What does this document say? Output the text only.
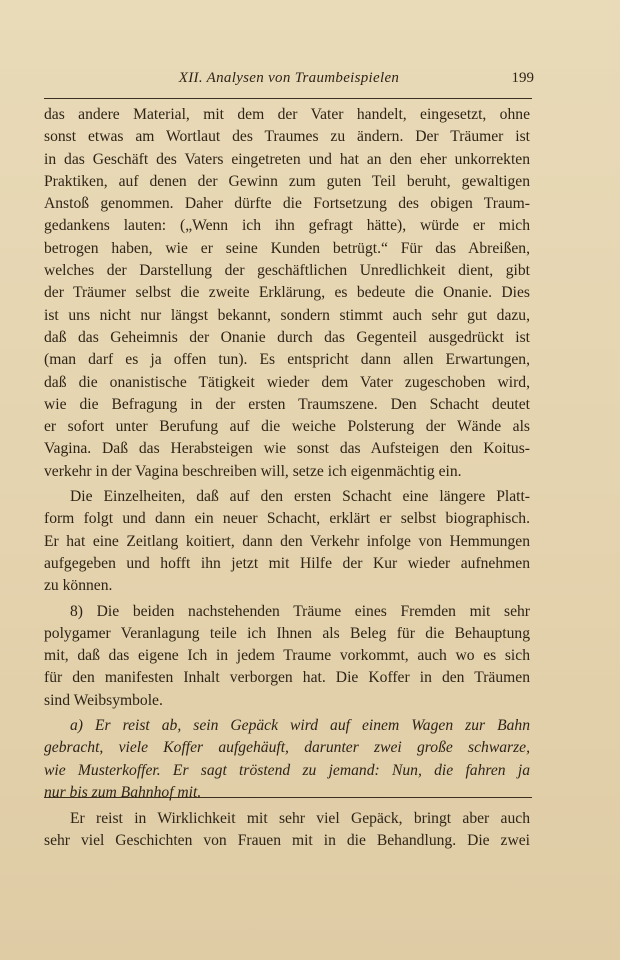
XII. Analysen von Traumbeispielen	199
das andere Material, mit dem der Vater handelt, eingesetzt, ohne
sonst etwas am Wortlaut des Traumes zu ändern. Der Träumer ist
in das Geschäft des Vaters eingetreten und hat an den eher unkorrekten
Praktiken, auf denen der Gewinn zum guten Teil beruht, gewaltigen
Anstoß genommen. Daher dürfte die Fortsetzung des obigen Traum-
gedankens lauten: („Wenn ich ihn gefragt hätte), würde er mich
betrogen haben, wie er seine Kunden betrügt.“ Für das Abreißen,
welches der Darstellung der geschäftlichen Unredlichkeit dient, gibt
der Träumer selbst die zweite Erklärung, es bedeute die Onanie. Dies
ist uns nicht nur längst bekannt, sondern stimmt auch sehr gut dazu,
daß das Geheimnis der Onanie durch das Gegenteil ausgedrückt ist
(man darf es ja offen tun). Es entspricht dann allen Erwartungen,
daß die onanistische Tätigkeit wieder dem Vater zugeschoben wird,
wie die Befragung in der ersten Traumszene. Den Schacht deutet
er sofort unter Berufung auf die weiche Polsterung der Wände als
Vagina. Daß das Herabsteigen wie sonst das Aufsteigen den Koitus-
verkehr in der Vagina beschreiben will, setze ich eigenmächtig ein.
Die Einzelheiten, daß auf den ersten Schacht eine längere Platt-
form folgt und dann ein neuer Schacht, erklärt er selbst biographisch.
Er hat eine Zeitlang koitiert, dann den Verkehr infolge von Hemmungen
aufgegeben und hofft ihn jetzt mit Hilfe der Kur wieder aufnehmen
zu können.
8) Die beiden nachstehenden Träume eines Fremden mit sehr
polygamer Veranlagung teile ich Ihnen als Beleg für die Behauptung
mit, daß das eigene Ich in jedem Traume vorkommt, auch wo es sich
für den manifesten Inhalt verborgen hat. Die Koffer in den Träumen
sind Weibsymbole.
a) Er reist ab, sein Gepäck wird auf einem Wagen zur Bahn
gebracht, viele Koffer aufgehäuft, darunter zwei große schwarze,
wie Musterkoffer. Er sagt tröstend zu jemand: Nun, die fahren ja
nur bis zum Bahnhof mit.
Er reist in Wirklichkeit mit sehr viel Gepäck, bringt aber auch
sehr viel Geschichten von Frauen mit in die Behandlung. Die zwei
